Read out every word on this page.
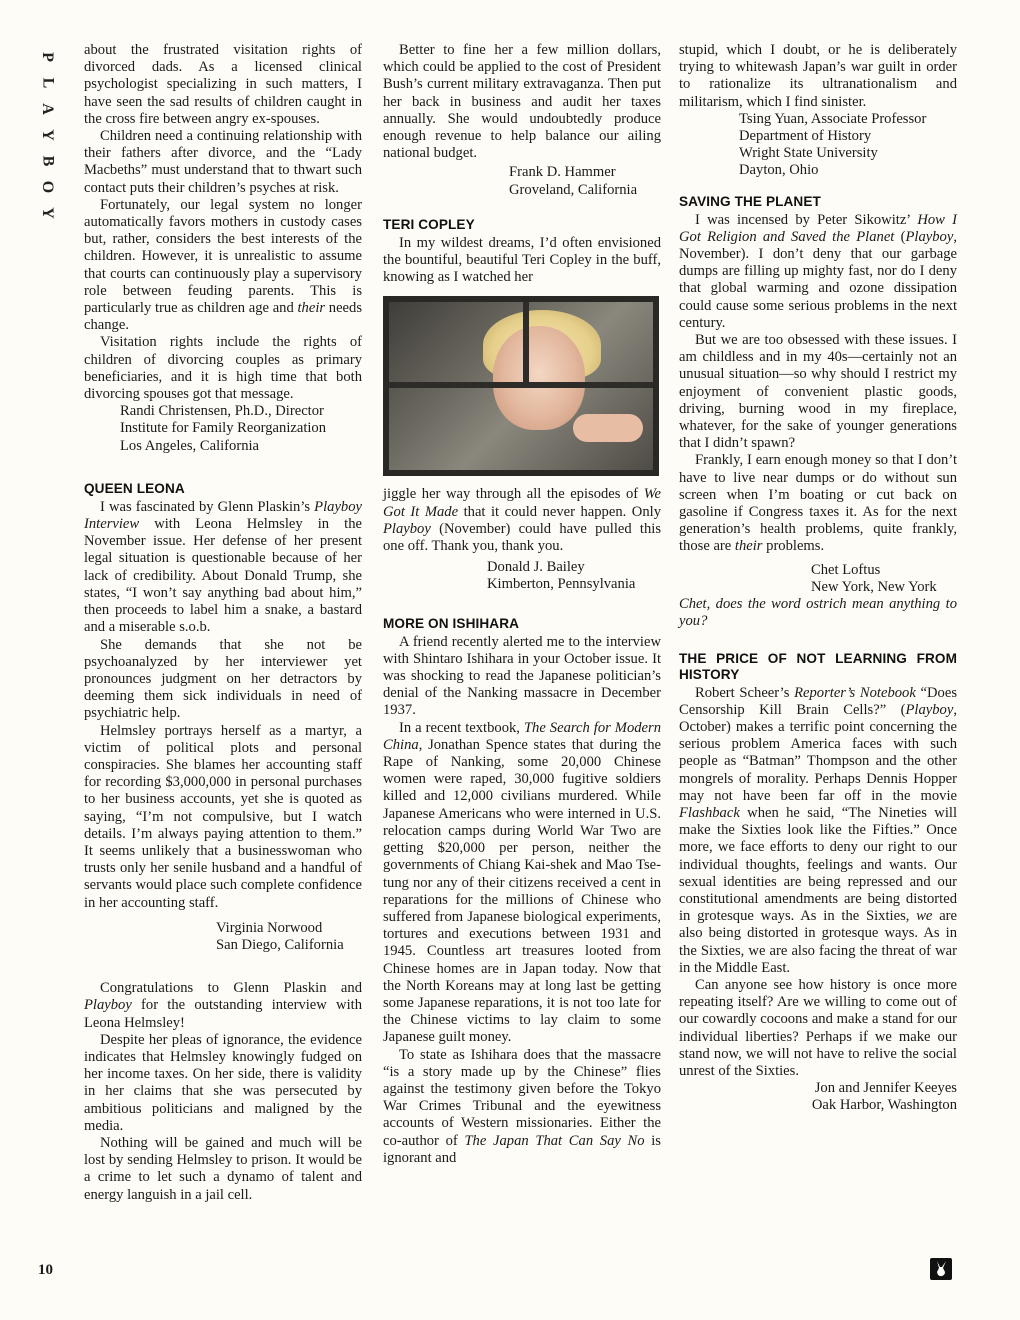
P
L
A
Y
B
O
Y

about the frustrated visitation rights of divorced dads. As a licensed clinical psychologist specializing in such matters, I have seen the sad results of children caught in the cross fire between angry ex-spouses.

Children need a continuing relationship with their fathers after divorce, and the “Lady Macbeths” must understand that to thwart such contact puts their children’s psyches at risk.

Fortunately, our legal system no longer automatically favors mothers in custody cases but, rather, considers the best interests of the children. However, it is unrealistic to assume that courts can continuously play a supervisory role between feuding parents. This is particularly true as children age and their needs change.

Visitation rights include the rights of children of divorcing couples as primary beneficiaries, and it is high time that both divorcing spouses got that message.

Randi Christensen, Ph.D., Director
Institute for Family Reorganization
Los Angeles, California
QUEEN LEONA

I was fascinated by Glenn Plaskin’s Playboy Interview with Leona Helmsley in the November issue. Her defense of her present legal situation is questionable because of her lack of credibility. About Donald Trump, she states, “I won’t say anything bad about him,” then proceeds to label him a snake, a bastard and a miserable s.o.b.

She demands that she not be psychoanalyzed by her interviewer yet pronounces judgment on her detractors by deeming them sick individuals in need of psychiatric help.

Helmsley portrays herself as a martyr, a victim of political plots and personal conspiracies. She blames her accounting staff for recording $3,000,000 in personal purchases to her business accounts, yet she is quoted as saying, “I’m not compulsive, but I watch details. I’m always paying attention to them.” It seems unlikely that a businesswoman who trusts only her senile husband and a handful of servants would place such complete confidence in her accounting staff.

Virginia Norwood
San Diego, California

Congratulations to Glenn Plaskin and Playboy for the outstanding interview with Leona Helmsley!

Despite her pleas of ignorance, the evidence indicates that Helmsley knowingly fudged on her income taxes. On her side, there is validity in her claims that she was persecuted by ambitious politicians and maligned by the media.

Nothing will be gained and much will be lost by sending Helmsley to prison. It would be a crime to let such a dynamo of talent and energy languish in a jail cell.

Better to fine her a few million dollars, which could be applied to the cost of President Bush’s current military extravaganza. Then put her back in business and audit her taxes annually. She would undoubtedly produce enough revenue to help balance our ailing national budget.

Frank D. Hammer
Groveland, California
TERI COPLEY

In my wildest dreams, I’d often envisioned the bountiful, beautiful Teri Copley in the buff, knowing as I watched her

jiggle her way through all the episodes of We Got It Made that it could never happen. Only Playboy (November) could have pulled this one off. Thank you, thank you.

Donald J. Bailey
Kimberton, Pennsylvania
MORE ON ISHIHARA

A friend recently alerted me to the interview with Shintaro Ishihara in your October issue. It was shocking to read the Japanese politician’s denial of the Nanking massacre in December 1937.

In a recent textbook, The Search for Modern China, Jonathan Spence states that during the Rape of Nanking, some 20,000 Chinese women were raped, 30,000 fugitive soldiers killed and 12,000 civilians murdered. While Japanese Americans who were interned in U.S. relocation camps during World War Two are getting $20,000 per person, neither the governments of Chiang Kai-shek and Mao Tse-tung nor any of their citizens received a cent in reparations for the millions of Chinese who suffered from Japanese biological experiments, tortures and executions between 1931 and 1945. Countless art treasures looted from Chinese homes are in Japan today. Now that the North Koreans may at long last be getting some Japanese reparations, it is not too late for the Chinese victims to lay claim to some Japanese guilt money.

To state as Ishihara does that the massacre “is a story made up by the Chinese” flies against the testimony given before the Tokyo War Crimes Tribunal and the eyewitness accounts of Western missionaries. Either the co-author of The Japan That Can Say No is ignorant and

stupid, which I doubt, or he is deliberately trying to whitewash Japan’s war guilt in order to rationalize its ultranationalism and militarism, which I find sinister.

Tsing Yuan, Associate Professor
Department of History
Wright State University
Dayton, Ohio
SAVING THE PLANET

I was incensed by Peter Sikowitz’ How I Got Religion and Saved the Planet (Playboy, November). I don’t deny that our garbage dumps are filling up mighty fast, nor do I deny that global warming and ozone dissipation could cause some serious problems in the next century.

But we are too obsessed with these issues. I am childless and in my 40s—certainly not an unusual situation—so why should I restrict my enjoyment of convenient plastic goods, driving, burning wood in my fireplace, whatever, for the sake of younger generations that I didn’t spawn?

Frankly, I earn enough money so that I don’t have to live near dumps or do without sun screen when I’m boating or cut back on gasoline if Congress taxes it. As for the next generation’s health problems, quite frankly, those are their problems.

Chet Loftus
New York, New York

Chet, does the word ostrich mean anything to you?

THE PRICE OF NOT LEARNING FROM HISTORY

Robert Scheer’s Reporter’s Notebook “Does Censorship Kill Brain Cells?” (Playboy, October) makes a terrific point concerning the serious problem America faces with such people as “Batman” Thompson and the other mongrels of morality. Perhaps Dennis Hopper may not have been far off in the movie Flashback when he said, “The Nineties will make the Sixties look like the Fifties.” Once more, we face efforts to deny our right to our individual thoughts, feelings and wants. Our sexual identities are being repressed and our constitutional amendments are being distorted in grotesque ways. As in the Sixties, we are also being distorted in grotesque ways. As in the Sixties, we are also facing the threat of war in the Middle East.

Can anyone see how history is once more repeating itself? Are we willing to come out of our cowardly cocoons and make a stand for our individual liberties? Perhaps if we make our stand now, we will not have to relive the social unrest of the Sixties.

Jon and Jennifer Keeyes
Oak Harbor, Washington
10
